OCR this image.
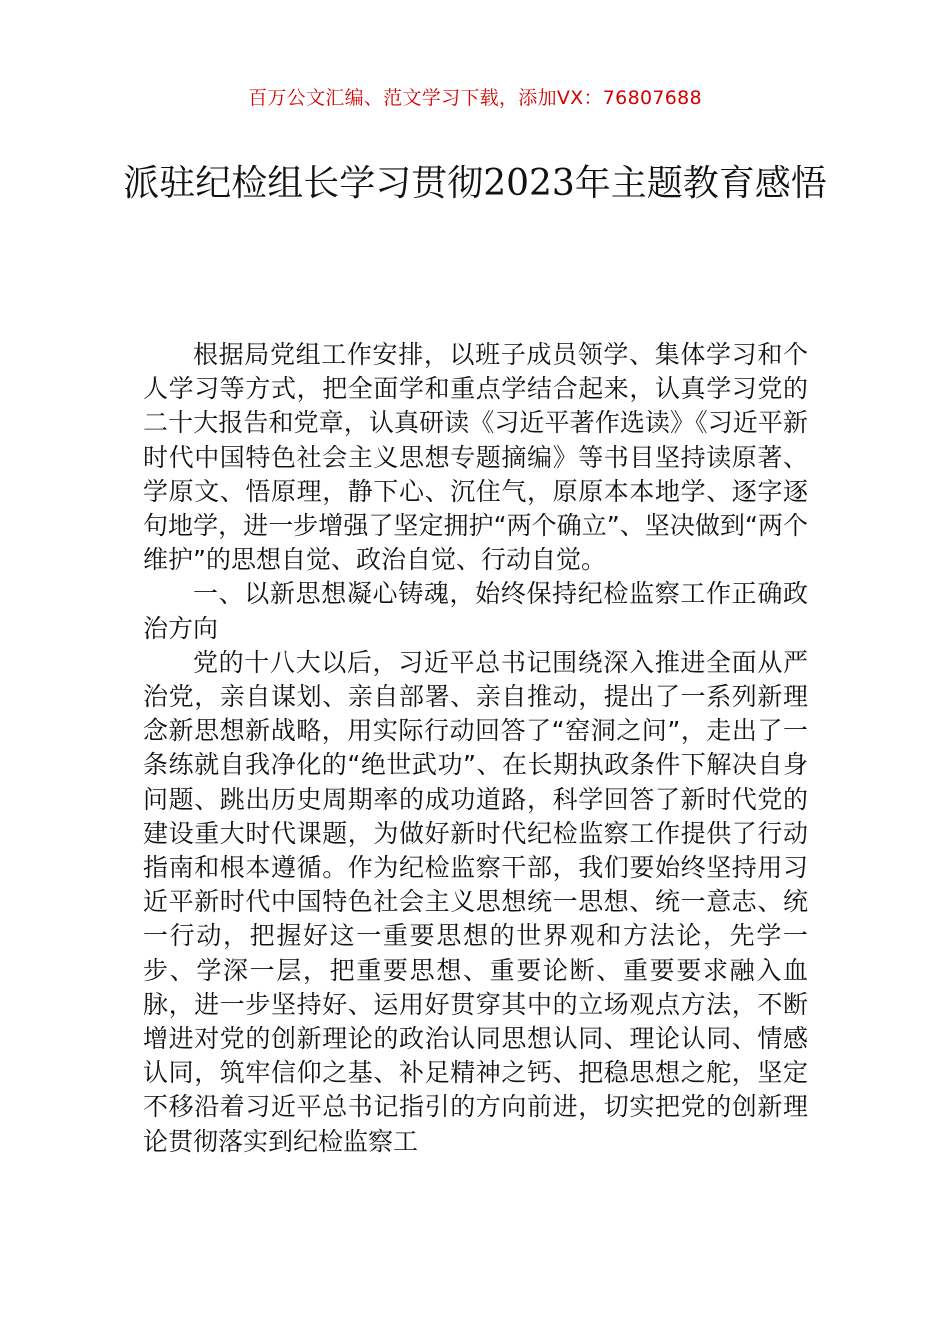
百万公文汇编、范文学习下载，添加VX：76807688
派驻纪检组长学习贯彻2023年主题教育感悟

根据局党组工作安排，以班子成员领学、集体学习和个人学习等方式，把全面学和重点学结合起来，认真学习党的二十大报告和党章，认真研读《习近平著作选读》《习近平新时代中国特色社会主义思想专题摘编》等书目坚持读原著、学原文、悟原理，静下心、沉住气，原原本本地学、逐字逐句地学，进一步增强了坚定拥护“两个确立”、坚决做到“两个维护”的思想自觉、政治自觉、行动自觉。

一、以新思想凝心铸魂，始终保持纪检监察工作正确政治方向

党的十八大以后，习近平总书记围绕深入推进全面从严治党，亲自谋划、亲自部署、亲自推动，提出了一系列新理念新思想新战略，用实际行动回答了“窑洞之问”，走出了一条练就自我净化的“绝世武功”、在长期执政条件下解决自身问题、跳出历史周期率的成功道路，科学回答了新时代党的建设重大时代课题，为做好新时代纪检监察工作提供了行动指南和根本遵循。作为纪检监察干部，我们要始终坚持用习近平新时代中国特色社会主义思想统一思想、统一意志、统一行动，把握好这一重要思想的世界观和方法论，先学一步、学深一层，把重要思想、重要论断、重要要求融入血脉，进一步坚持好、运用好贯穿其中的立场观点方法，不断增进对党的创新理论的政治认同思想认同、理论认同、情感认同，筑牢信仰之基、补足精神之钙、把稳思想之舵，坚定不移沿着习近平总书记指引的方向前进，切实把党的创新理论贯彻落实到纪检监察工
